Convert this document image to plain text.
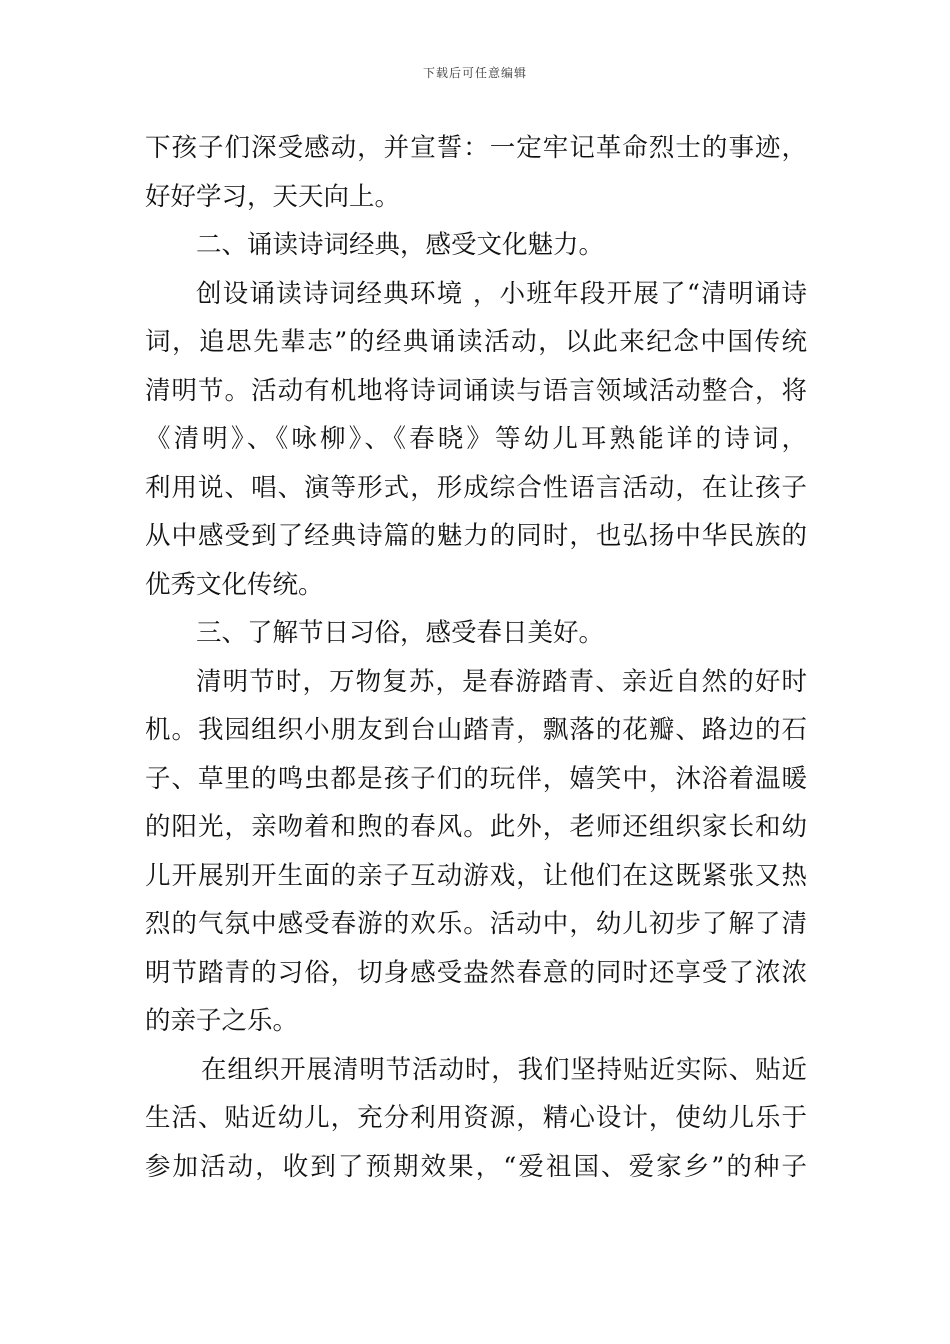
下载后可任意编辑
下孩子们深受感动，并宣誓：一定牢记革命烈士的事迹，
好好学习，天天向上。
二、诵读诗词经典，感受文化魅力。
创设诵读诗词经典环境 ，小班年段开展了“清明诵诗
词，追思先辈志”的经典诵读活动，以此来纪念中国传统
清明节。活动有机地将诗词诵读与语言领域活动整合，将
《清明》、《咏柳》、《春晓》等幼儿耳熟能详的诗词，
利用说、唱、演等形式，形成综合性语言活动，在让孩子
从中感受到了经典诗篇的魅力的同时，也弘扬中华民族的
优秀文化传统。
三、了解节日习俗，感受春日美好。
清明节时，万物复苏，是春游踏青、亲近自然的好时
机。我园组织小朋友到台山踏青，飘落的花瓣、路边的石
子、草里的鸣虫都是孩子们的玩伴，嬉笑中，沐浴着温暖
的阳光，亲吻着和煦的春风。此外，老师还组织家长和幼
儿开展别开生面的亲子互动游戏，让他们在这既紧张又热
烈的气氛中感受春游的欢乐。活动中，幼儿初步了解了清
明节踏青的习俗，切身感受盎然春意的同时还享受了浓浓
的亲子之乐。
在组织开展清明节活动时，我们坚持贴近实际、贴近
生活、贴近幼儿，充分利用资源，精心设计，使幼儿乐于
参加活动，收到了预期效果，“爱祖国、爱家乡”的种子
